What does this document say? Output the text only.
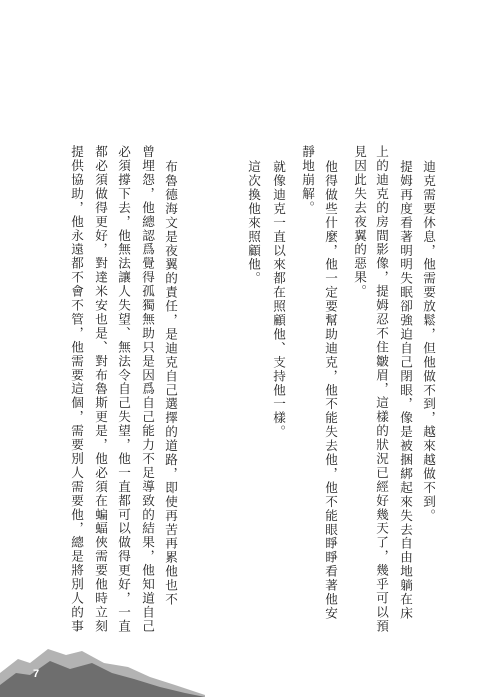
迪克需要休息，他需要放鬆，但他做不到，越來越做不到。
提姆再度看著明明失眠卻強迫自己閉眼，像是被捆綁起來失去自由地躺在床
上的迪克的房間影像，提姆忍不住皺眉，這樣的狀況已經好幾天了，幾乎可以預
見因此失去夜翼的惡果。
他得做些什麼，他一定要幫助迪克，他不能失去他，他不能眼睜睜看著他安
靜地崩解。
就像迪克一直以來都在照顧他、支持他一樣。
這次換他來照顧他。
布魯德海文是夜翼的責任，是迪克自己選擇的道路，即使再苦再累他也不
曾埋怨，他總認爲覺得孤獨無助只是因爲自己能力不足導致的結果，他知道自己
必須撐下去，他無法讓人失望、無法令自己失望，他一直都可以做得更好，一直
都必須做得更好，對達米安也是、對布魯斯更是，他必須在蝙蝠俠需要他時立刻
提供協助，他永遠都不會不管，他需要這個，需要別人需要他，總是將別人的事
7
